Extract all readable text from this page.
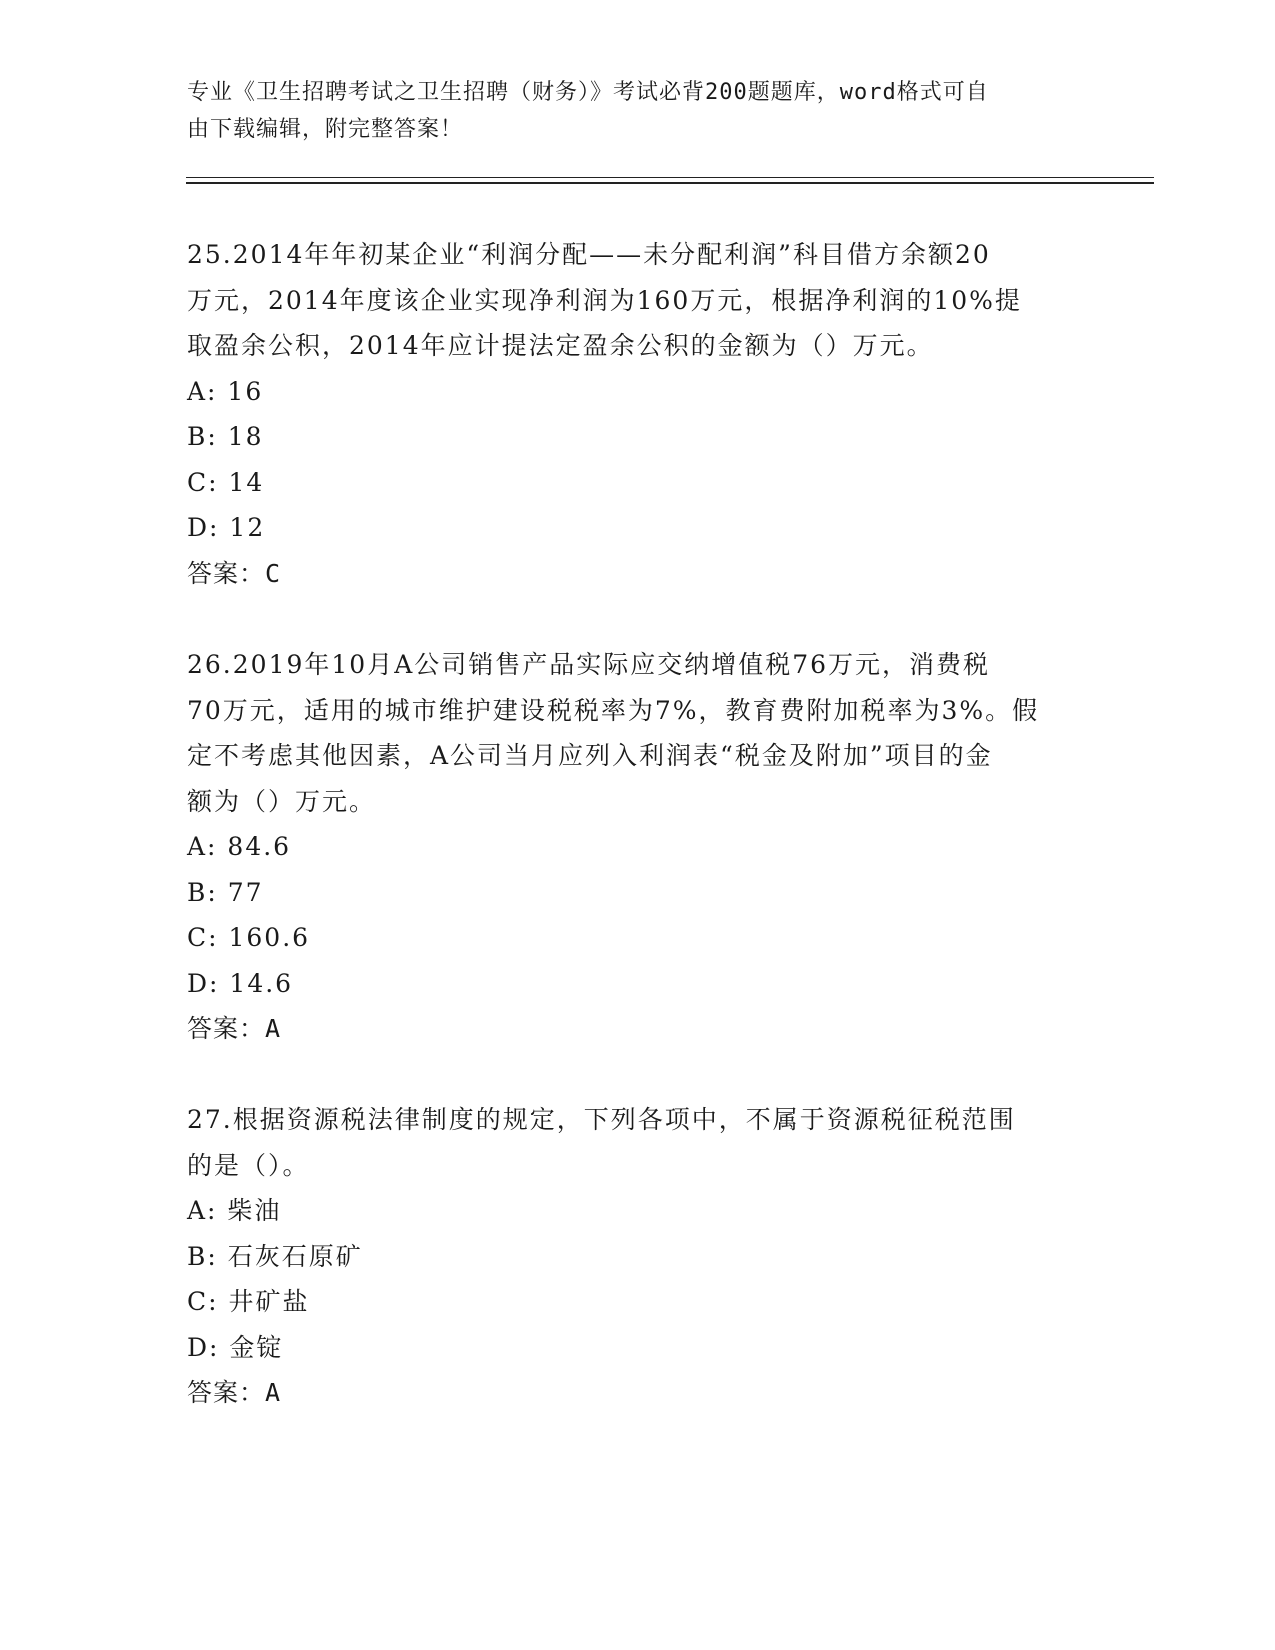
专业《卫生招聘考试之卫生招聘（财务）》考试必背200题题库，word格式可自
由下载编辑，附完整答案！

25.2014年年初某企业“利润分配——未分配利润”科目借方余额20

万元，2014年度该企业实现净利润为160万元，根据净利润的10%提

取盈余公积，2014年应计提法定盈余公积的金额为（）万元。

A: 16

B: 18

C: 14

D: 12

答案：C

26.2019年10月A公司销售产品实际应交纳增值税76万元，消费税

70万元，适用的城市维护建设税税率为7%，教育费附加税率为3%。假

定不考虑其他因素，A公司当月应列入利润表“税金及附加”项目的金

额为（）万元。

A: 84.6

B: 77

C: 160.6

D: 14.6

答案：A

27.根据资源税法律制度的规定，下列各项中，不属于资源税征税范围

的是（）。

A: 柴油

B: 石灰石原矿

C: 井矿盐

D: 金锭

答案：A
